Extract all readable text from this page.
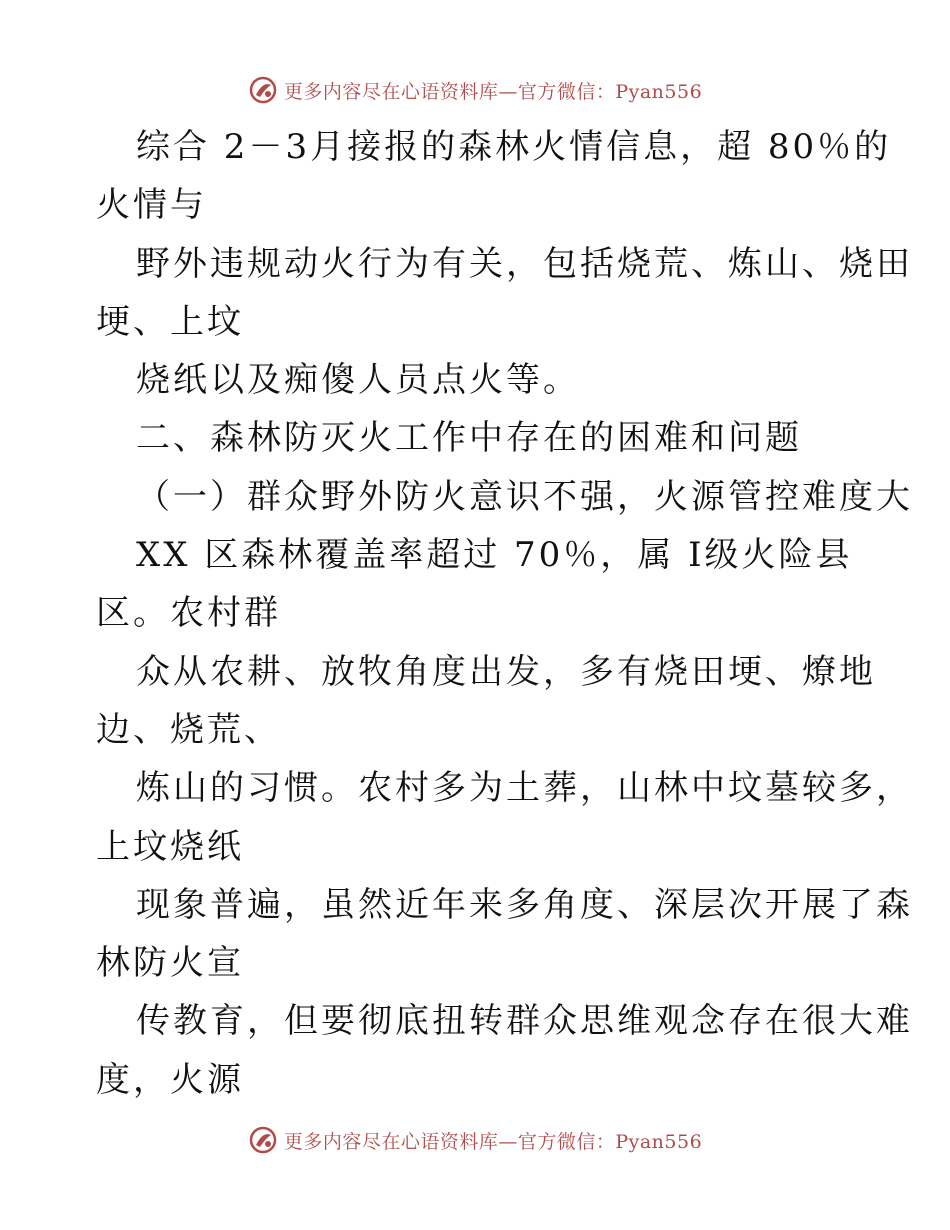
更多内容尽在心语资料库—官方微信：Pyan556
综合 2－3月接报的森林火情信息，超 80％的
火情与
野外违规动火行为有关，包括烧荒、炼山、烧田
埂、上坟
烧纸以及痴傻人员点火等。
二、森林防灭火工作中存在的困难和问题
（一）群众野外防火意识不强，火源管控难度大
XX 区森林覆盖率超过 70％，属 I级火险县
区。农村群
众从农耕、放牧角度出发，多有烧田埂、燎地
边、烧荒、
炼山的习惯。农村多为土葬，山林中坟墓较多，
上坟烧纸
现象普遍，虽然近年来多角度、深层次开展了森
林防火宣
传教育，但要彻底扭转群众思维观念存在很大难
度，火源
更多内容尽在心语资料库—官方微信：Pyan556
